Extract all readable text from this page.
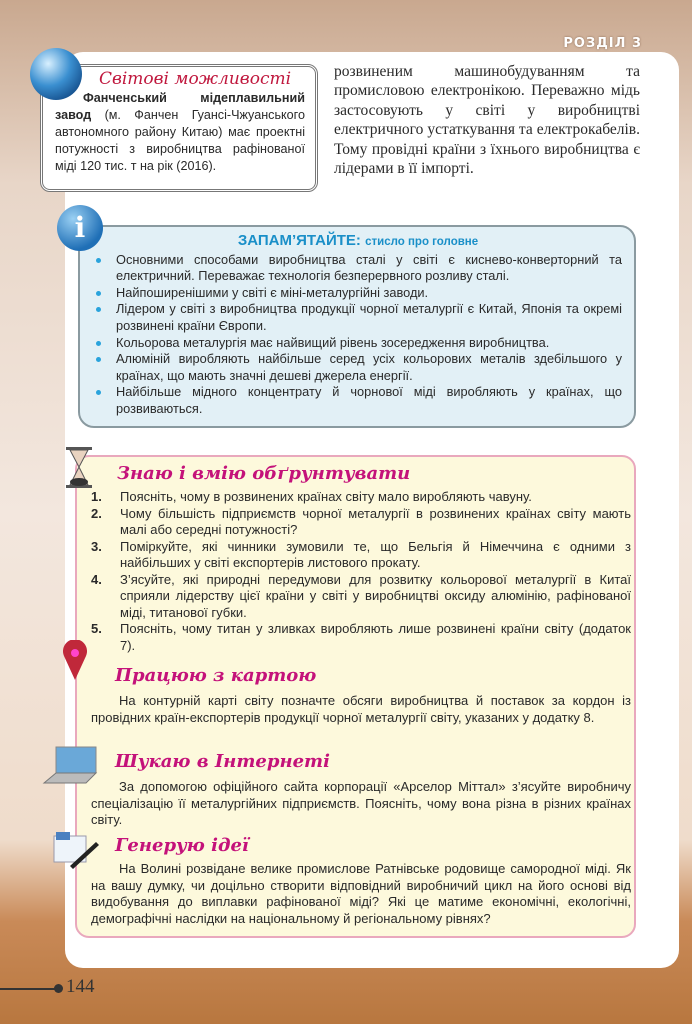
РОЗДІЛ 3
Світові можливості

Фанченський мідеплавильний завод (м. Фанчен Гуансі-Чжуанського автономного району Китаю) має проектні потужності з виробництва рафінованої міді 120 тис. т на рік (2016).

розвиненим машинобудуванням та промисловою електронікою. Переважно мідь застосовують у світі у виробництві електричного устаткування та електрокабелів. Тому провідні країни з їхнього виробництва є лідерами в її імпорті.
ЗАПАМ’ЯТАЙТЕ: стисло про головне
Основними способами виробництва сталі у світі є киснево-конверторний та електричний. Переважає технологія безперервного розливу сталі.
Найпоширенішими у світі є міні-металургійні заводи.
Лідером у світі з виробництва продукції чорної металургії є Китай, Японія та окремі розвинені країни Європи.
Кольорова металургія має найвищий рівень зосередження виробництва.
Алюміній виробляють найбільше серед усіх кольорових металів здебільшого у країнах, що мають значні дешеві джерела енергії.
Найбільше мідного концентрату й чорнової міді виробляють у країнах, що розвиваються.
i
Знаю і вмію обґрунтувати
1. Поясніть, чому в розвинених країнах світу мало виробляють чавуну.
2. Чому більшість підприємств чорної металургії в розвинених країнах світу мають малі або середні потужності?
3. Поміркуйте, які чинники зумовили те, що Бельгія й Німеччина є одними з найбільших у світі експортерів листового прокату.
4. З’ясуйте, які природні передумови для розвитку кольорової металургії в Китаї сприяли лідерству цієї країни у світі у виробництві оксиду алюмінію, рафінованої міді, титанової губки.
5. Поясніть, чому титан у зливках виробляють лише розвинені країни світу (додаток 7).
Працюю з картою
На контурній карті світу позначте обсяги виробництва й поставок за кордон із провідних країн-експортерів продукції чорної металургії світу, указаних у додатку 8.
Шукаю в Інтернеті
За допомогою офіційного сайта корпорації «Арселор Міттал» з’ясуйте виробничу спеціалізацію її металургійних підприємств. Поясніть, чому вона різна в різних країнах світу.
Генерую ідеї
На Волині розвідане велике промислове Ратнівське родовище самородної міді. Як на вашу думку, чи доцільно створити відповідний виробничий цикл на його основі від видобування до виплавки рафінованої міді? Які це матиме економічні, екологічні, демографічні наслідки на національному й регіональному рівнях?
144
